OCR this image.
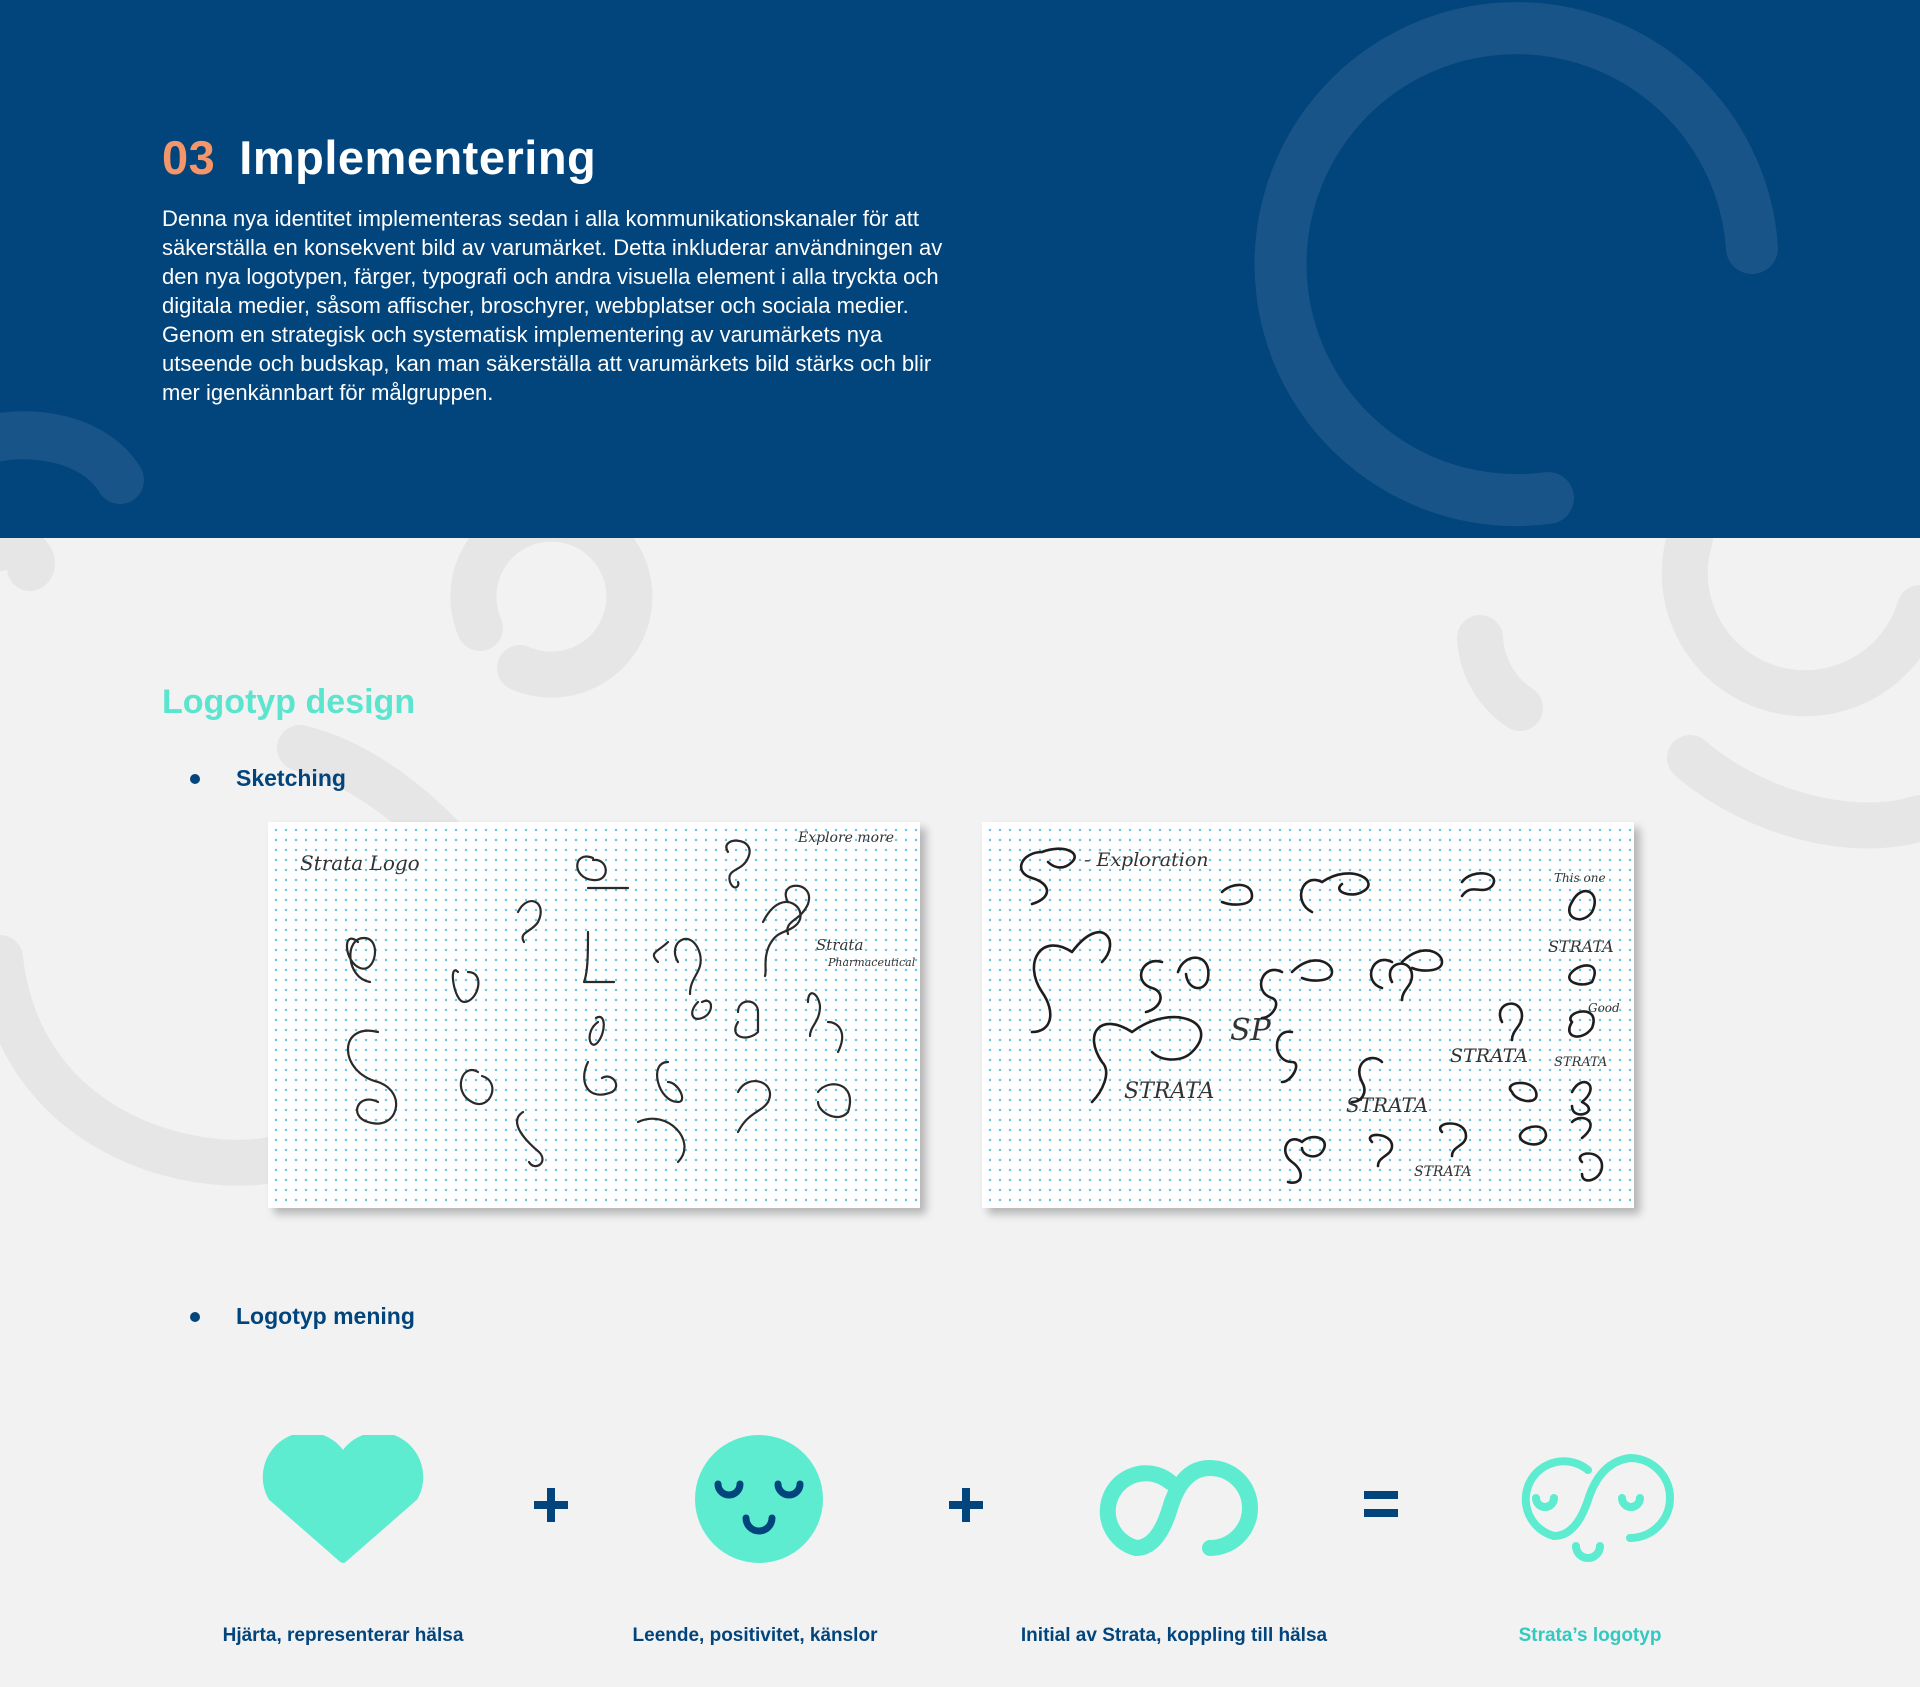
03 Implementering

Denna nya identitet implementeras sedan i alla kommunikationskanaler för att säkerställa en konsekvent bild av varumärket. Detta inkluderar användningen av den nya logotypen, färger, typografi och andra visuella element i alla tryckta och digitala medier, såsom affischer, broschyrer, webbplatser och sociala medier. Genom en strategisk och systematisk implementering av varumärkets nya utseende och budskap, kan man säkerställa att varumärkets bild stärks och blir mer igenkännbart för målgruppen.

Logotyp design
Sketching
Strata Logo
Explore more
Strata
Pharmaceutical
- Exploration
This one
STRATA
SP
STRATA
STRATA
STRATA
Good
STRATA
STRATA
Logotyp mening
Hjärta, representerar hälsa	Leende, positivitet, känslor	Initial av Strata, koppling till hälsa	Strata’s logotyp
